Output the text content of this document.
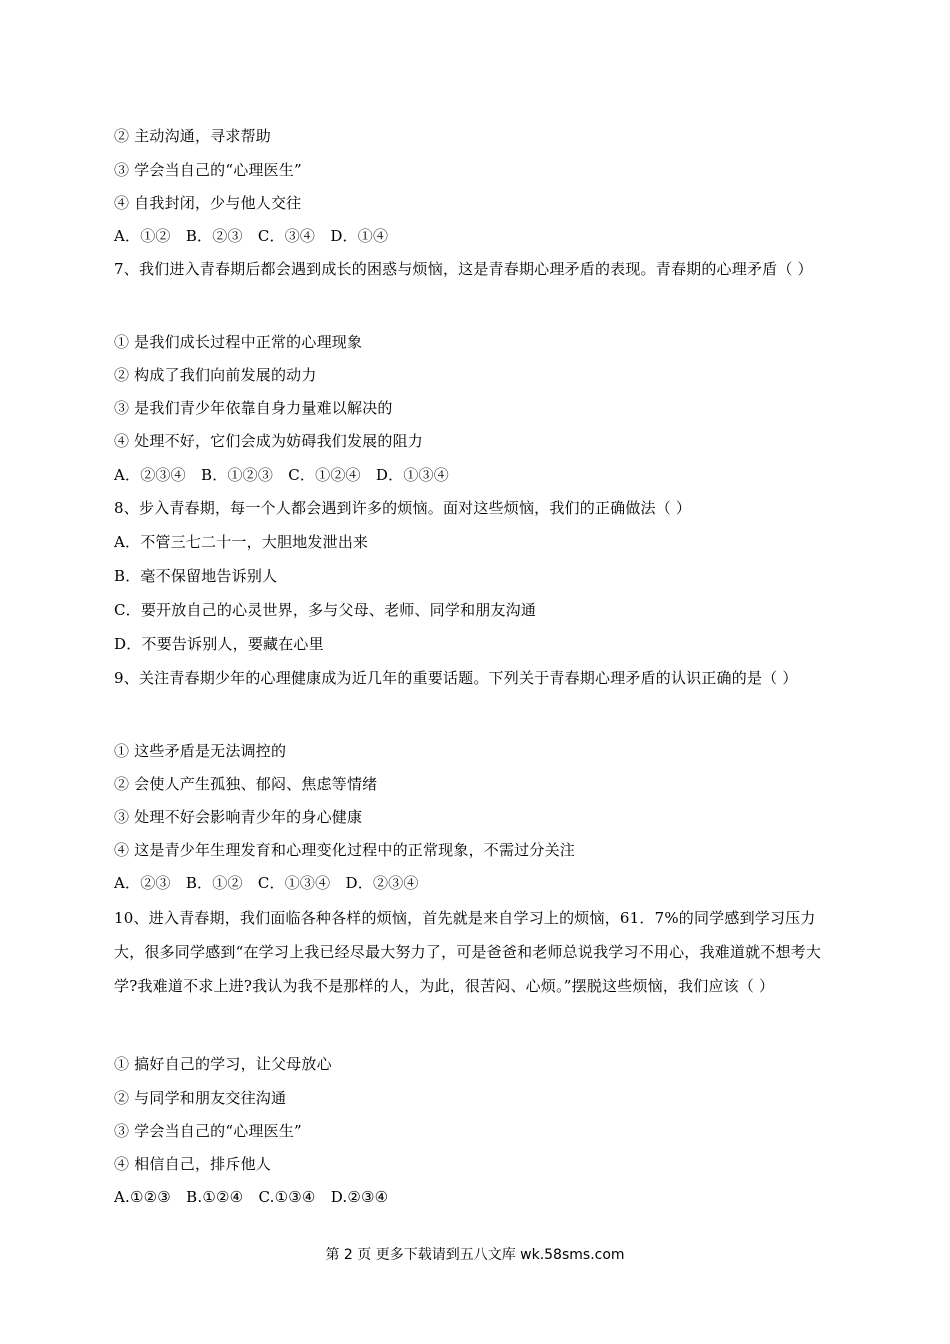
② 主动沟通，寻求帮助
③ 学会当自己的“心理医生”
④ 自我封闭，少与他人交往
A．①②　B．②③　C．③④　D．①④
7、我们进入青春期后都会遇到成长的困惑与烦恼，这是青春期心理矛盾的表现。青春期的心理矛盾（ ）
① 是我们成长过程中正常的心理现象
② 构成了我们向前发展的动力
③ 是我们青少年依靠自身力量难以解决的
④ 处理不好，它们会成为妨碍我们发展的阻力
A．②③④　B．①②③　C．①②④　D．①③④
8、步入青春期，每一个人都会遇到许多的烦恼。面对这些烦恼，我们的正确做法（ ）
A．不管三七二十一，大胆地发泄出来
B．毫不保留地告诉别人
C．要开放自己的心灵世界，多与父母、老师、同学和朋友沟通
D．不要告诉别人，要藏在心里
9、关注青春期少年的心理健康成为近几年的重要话题。下列关于青春期心理矛盾的认识正确的是（ ）
① 这些矛盾是无法调控的
② 会使人产生孤独、郁闷、焦虑等情绪
③ 处理不好会影响青少年的身心健康
④ 这是青少年生理发育和心理变化过程中的正常现象，不需过分关注
A．②③　B．①②　C．①③④　D．②③④
10、进入青春期，我们面临各种各样的烦恼，首先就是来自学习上的烦恼，61．7%的同学感到学习压力大，很多同学感到“在学习上我已经尽最大努力了，可是爸爸和老师总说我学习不用心，我难道就不想考大学?我难道不求上进?我认为我不是那样的人，为此，很苦闷、心烦。”摆脱这些烦恼，我们应该（ ）
① 搞好自己的学习，让父母放心
② 与同学和朋友交往沟通
③ 学会当自己的“心理医生”
④ 相信自己，排斥他人
A.①②③　B.①②④　C.①③④　D.②③④
第 2 页 更多下载请到五八文库 wk.58sms.com
